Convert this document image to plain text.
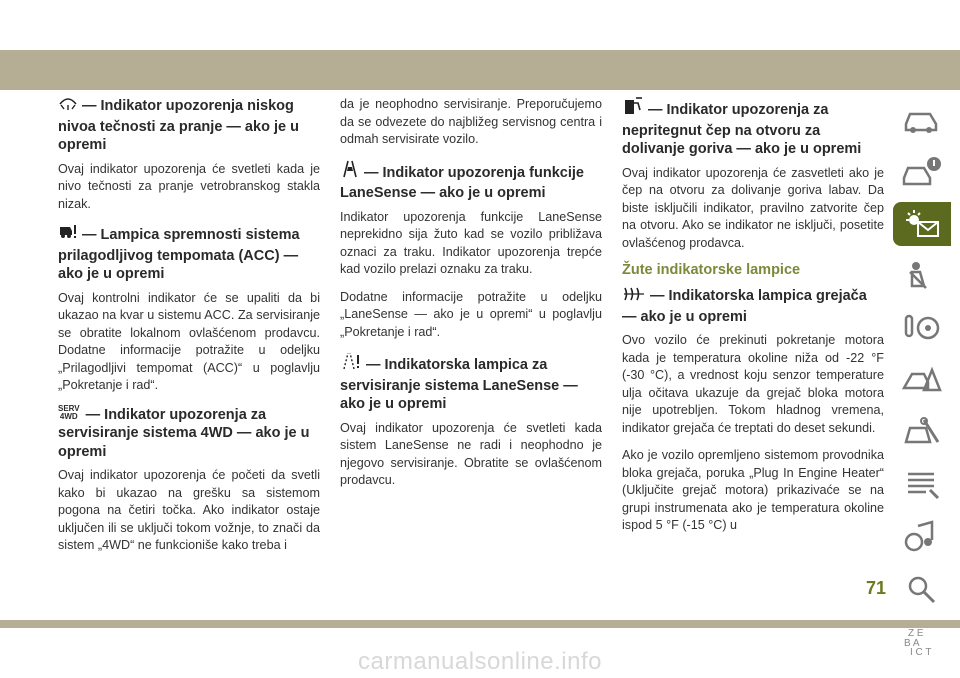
— Indikator upozorenja niskog nivoa tečnosti za pranje — ako je u opremi

Ovaj indikator upozorenja će svetleti kada je nivo tečnosti za pranje vetrobranskog stakla nizak.

— Lampica spremnosti sistema prilagodljivog tempomata (ACC) — ako je u opremi

Ovaj kontrolni indikator će se upaliti da bi ukazao na kvar u sistemu ACC. Za servisiranje se obratite lokalnom ovlašćenom prodavcu. Dodatne informacije potražite u odeljku „Prilagodljivi tempomat (ACC)“ u poglavlju „Pokretanje i rad“.

SERV
4WD — Indikator upozorenja za servisiranje sistema 4WD — ako je u opremi

Ovaj indikator upozorenja će početi da svetli kako bi ukazao na grešku sa sistemom pogona na četiri točka. Ako indikator ostaje uključen ili se uključi tokom vožnje, to znači da sistem „4WD“ ne funkcioniše kako treba i

da je neophodno servisiranje. Preporučujemo da se odvezete do najbližeg servisnog centra i odmah servisirate vozilo.

— Indikator upozorenja funkcije LaneSense — ako je u opremi

Indikator upozorenja funkcije LaneSense neprekidno sija žuto kad se vozilo približava oznaci za traku. Indikator upozorenja trepće kad vozilo prelazi oznaku za traku.

Dodatne informacije potražite u odeljku „LaneSense — ako je u opremi“ u poglavlju „Pokretanje i rad“.

— Indikatorska lampica za servisiranje sistema LaneSense — ako je u opremi

Ovaj indikator upozorenja će svetleti kada sistem LaneSense ne radi i neophodno je njegovo servisiranje. Obratite se ovlašćenom prodavcu.

— Indikator upozorenja za nepritegnut čep na otvoru za dolivanje goriva — ako je u opremi

Ovaj indikator upozorenja će zasvetleti ako je čep na otvoru za dolivanje goriva labav. Da biste isključili indikator, pravilno zatvorite čep na otvoru. Ako se indikator ne isključi, posetite ovlašćenog prodavca.

Žute indikatorske lampice
— Indikatorska lampica grejača — ako je u opremi

Ovo vozilo će prekinuti pokretanje motora kada je temperatura okoline niža od -22 °F (-30 °C), a vrednost koju senzor temperature ulja očitava ukazuje da grejač bloka motora nije upotrebljen. Tokom hladnog vremena, indikator grejača će treptati do deset sekundi.

Ako je vozilo opremljeno sistemom provodnika bloka grejača, poruka „Plug In Engine Heater“ (Uključite grejač motora) prikazivaće se na grupi instrumenata ako je temperatura okoline ispod 5 °F (-15 °C) u

Z E
B A
I C T
71
carmanualsonline.info
